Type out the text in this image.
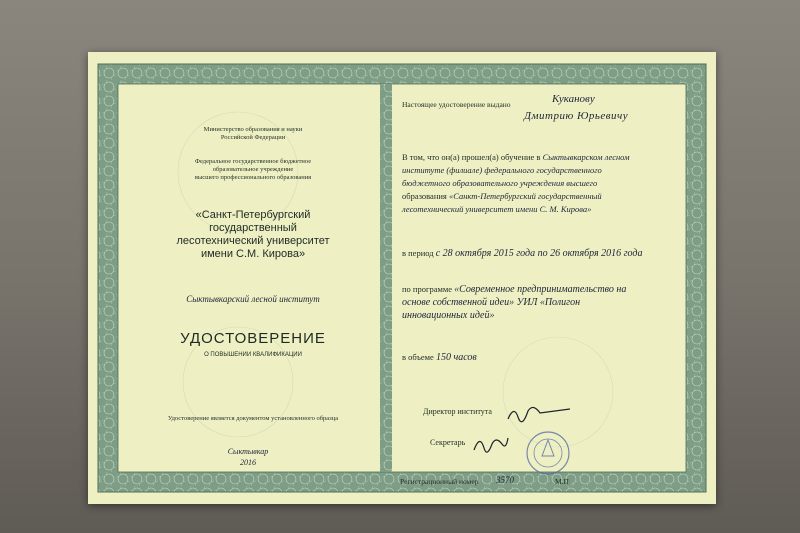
Министерство образования и науки
Российской Федерации
Федеральное государственное бюджетное
образовательное учреждение
высшего профессионального образования
«Санкт-Петербургский
государственный
лесотехнический университет
имени С.М. Кирова»
Сыктывкарский лесной институт
УДОСТОВЕРЕНИЕ
О ПОВЫШЕНИИ КВАЛИФИКАЦИИ
Удостоверение является документом установленного образца
Сыктывкар
2016
Настоящее удостоверение выдано	Куканову
Дмитрию Юрьевичу
В том, что он(а) прошел(а) обучение в Сыктывкарском лесном
институте (филиале) федерального государственного
бюджетного образовательного учреждения высшего
образования «Санкт-Петербургский государственный
лесотехнический университет имени С. М. Кирова»
в период с 28 октября 2015 года по 26 октября 2016 года
по программе «Современное предпринимательство на
основе собственной идеи» УИЛ «Полигон
инновационных идей»
в объеме 150 часов
Директор института
Секретарь
Регистрационный номер 3570	М.П.
